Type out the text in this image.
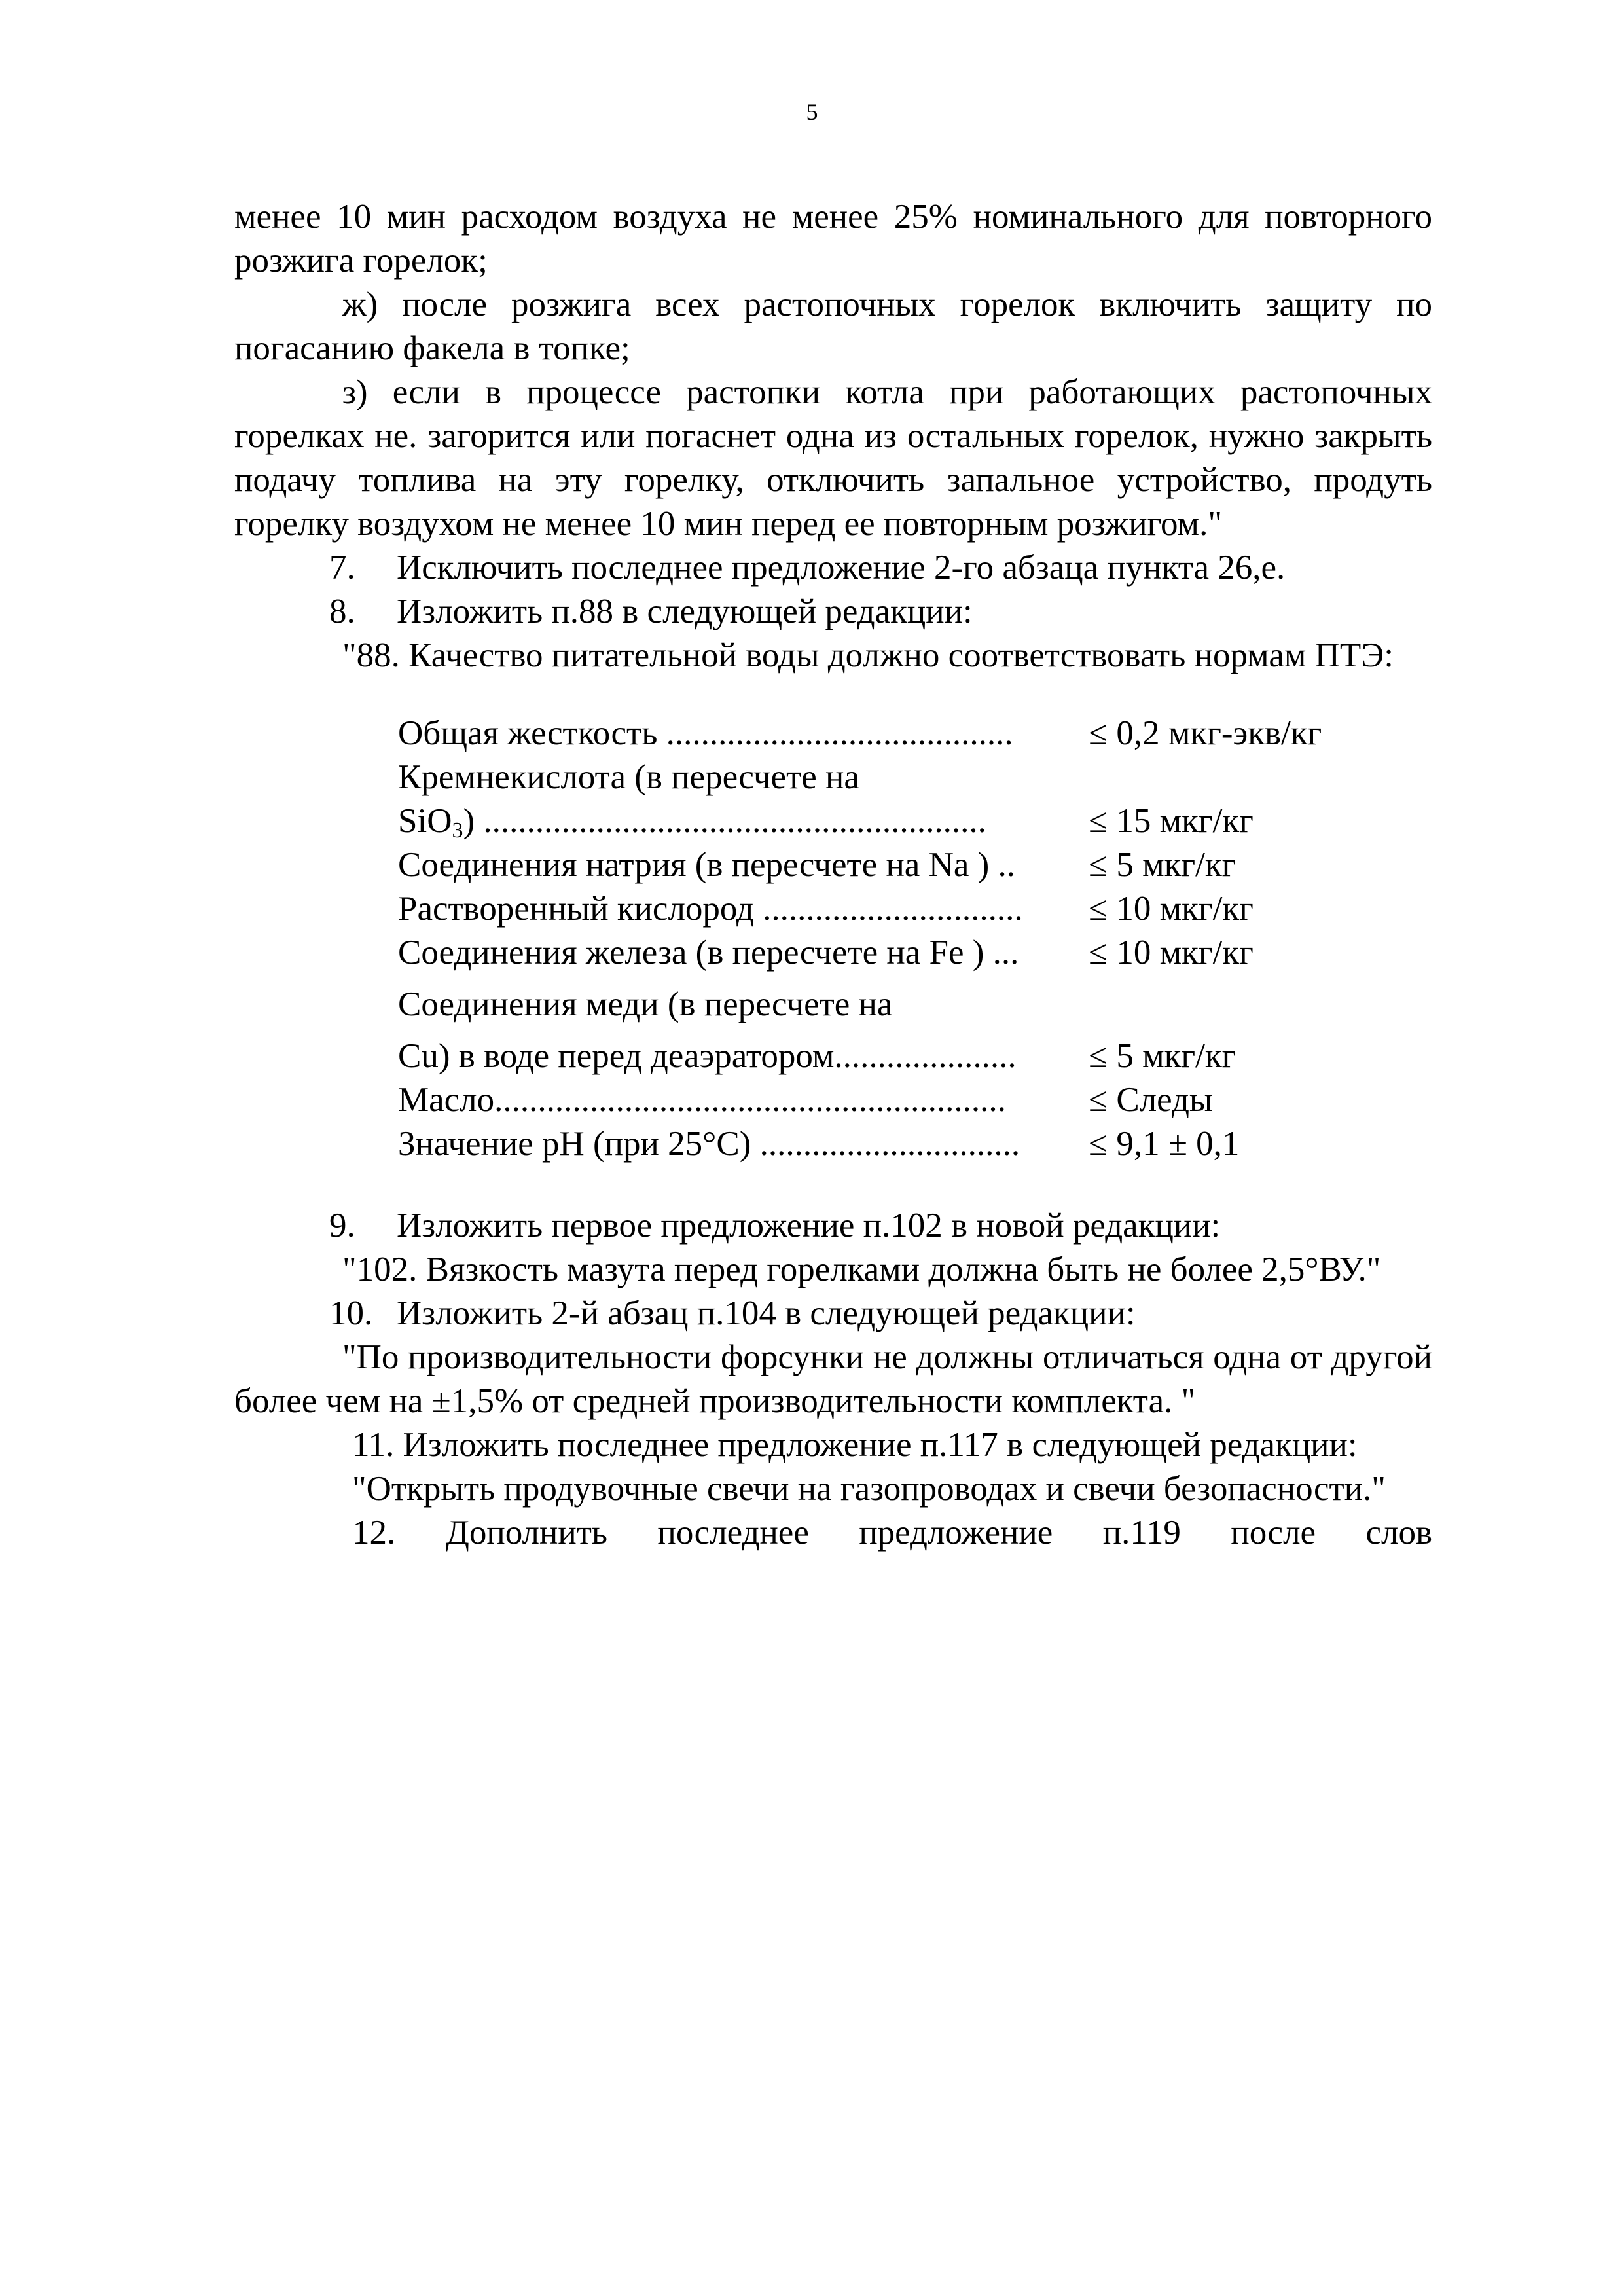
5

менее 10 мин расходом воздуха не менее 25% номинального для повторного розжига горелок;

ж) после розжига всех растопочных горелок включить защиту по погасанию факела в топке;

з) если в процессе растопки котла при работающих растопочных горелках не. загорится или погаснет одна из остальных горелок, нужно закрыть подачу топлива на эту горелку, отключить запальное устройство, продуть горелку воздухом не менее 10 мин перед ее повторным розжигом."

7.	Исключить последнее предложение 2-го абзаца пункта 26,е.
8.	Изложить п.88 в следующей редакции:

"88. Качество питательной воды должно соответствовать нормам ПТЭ:

Общая жесткость ........................................	≤ 0,2 мкг-экв/кг
Кремнекислота (в пересчете на
SiO$_3$) ..........................................................	≤ 15 мкг/кг
Соединения натрия (в пересчете на Na ) ..	≤ 5 мкг/кг
Растворенный кислород ..............................	≤ 10 мкг/кг
Соединения железа (в пересчете на Fe ) ...	≤ 10 мкг/кг
Соединения меди (в пересчете на
Cu) в воде перед деаэратором.....................	≤ 5 мкг/кг
Масло...........................................................	≤ Следы
Значение pH (при 25°C) ..............................	≤ 9,1 ± 0,1
9.	Изложить первое предложение п.102 в новой редакции:

"102. Вязкость мазута перед горелками должна быть не более 2,5°ВУ."

10. Изложить 2-й абзац п.104 в следующей редакции:

"По производительности форсунки не должны отличаться одна от другой более чем на ±1,5% от средней производительности комплекта. "

11. Изложить последнее предложение п.117 в следующей редакции:

"Открыть продувочные свечи на газопроводах и свечи безопасности."

12. Дополнить последнее предложение п.119 после слов
